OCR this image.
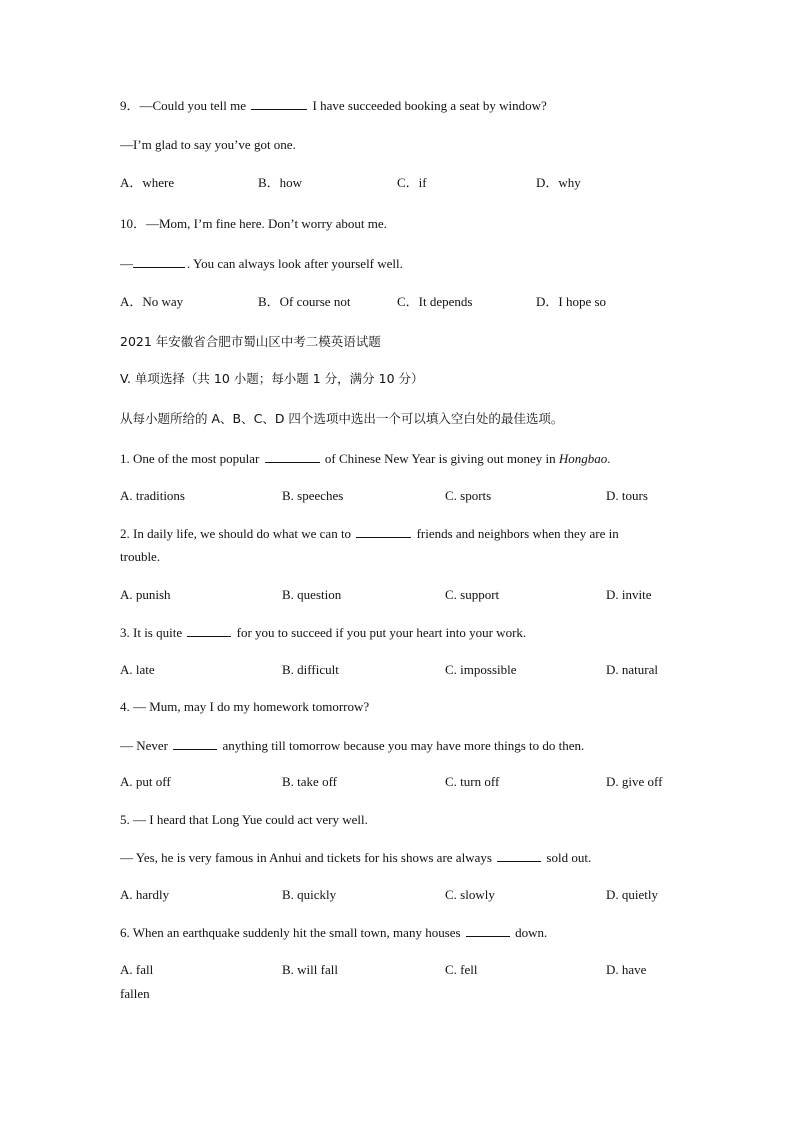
9．—Could you tell me	I have succeeded booking a seat by window?
—I’m glad to say you’ve got one.
A．where	B．how	C．if	D．why
10．—Mom, I’m fine here. Don’t worry about me.
—	. You can always look after yourself well.
A．No way	B．Of course not	C．It depends	D．I hope so
2021 年安徽省合肥市蜀山区中考二模英语试题
V. 单项选择（共 10 小题；每小题 1 分，满分 10 分）
从每小题所给的 A、B、C、D 四个选项中选出一个可以填入空白处的最佳选项。
1. One of the most popular	of Chinese New Year is giving out money in Hongbao.
A. traditions	B. speeches	C. sports	D. tours
2. In daily life, we should do what we can to	friends and neighbors when they are in
trouble.
A. punish	B. question	C. support	D. invite
3. It is quite	for you to succeed if you put your heart into your work.
A. late	B. difficult	C. impossible	D. natural
4. — Mum, may I do my homework tomorrow?
— Never	anything till tomorrow because you may have more things to do then.
A. put off	B. take off	C. turn off	D. give off
5. — I heard that Long Yue could act very well.
— Yes, he is very famous in Anhui and tickets for his shows are always	sold out.
A. hardly	B. quickly	C. slowly	D. quietly
6. When an earthquake suddenly hit the small town, many houses	down.
A. fall	B. will fall	C. fell	D. have
fallen
